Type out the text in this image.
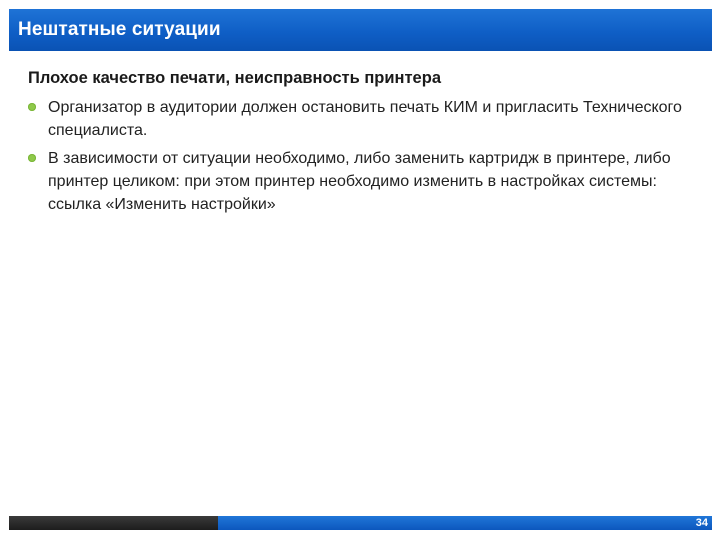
Нештатные ситуации
Плохое качество печати, неисправность принтера
Организатор в аудитории должен остановить печать КИМ и пригласить Технического специалиста.
В зависимости от ситуации необходимо, либо заменить картридж в принтере, либо принтер целиком: при этом принтер необходимо изменить в настройках системы: ссылка «Изменить настройки»
34
